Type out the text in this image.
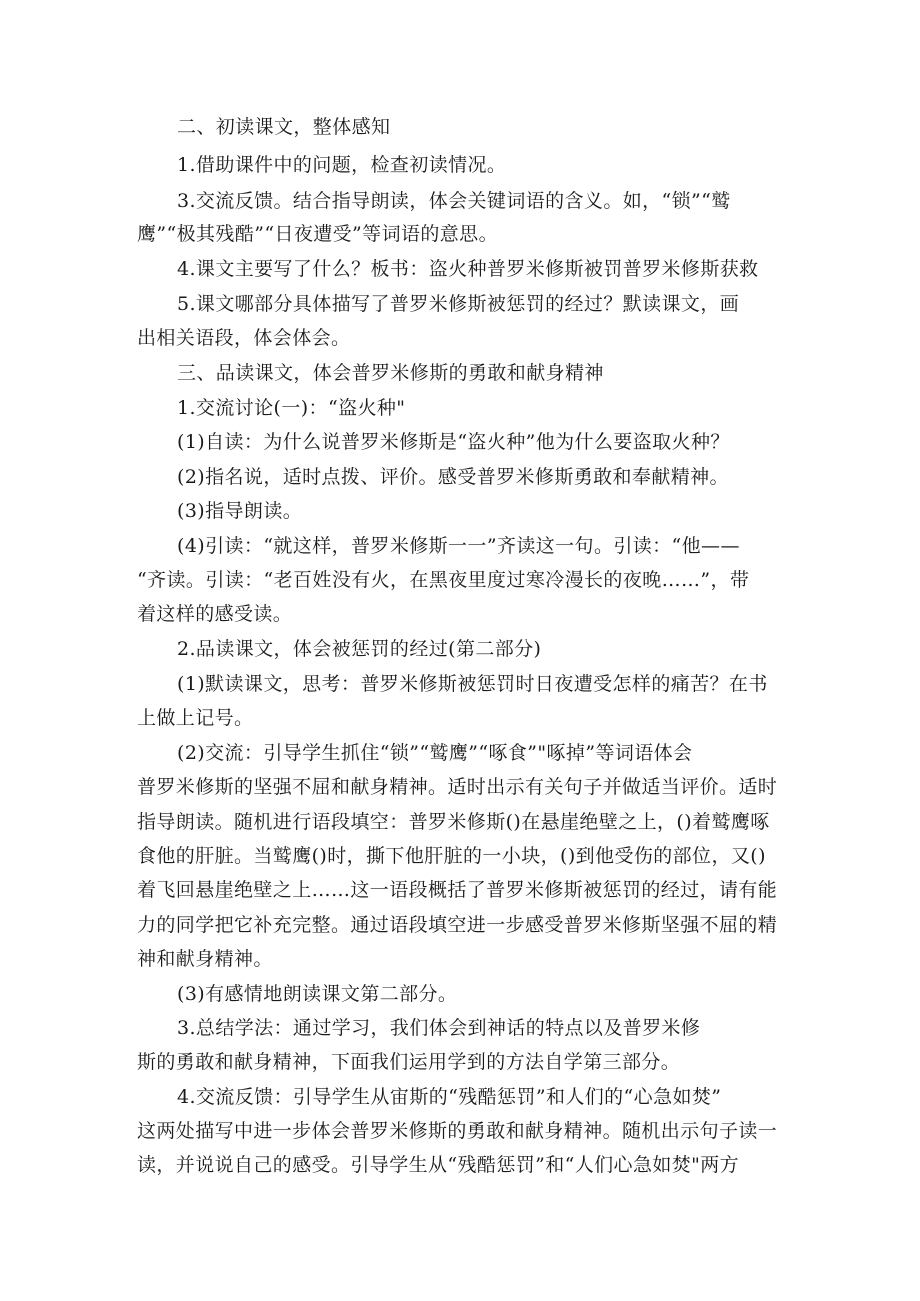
二、初读课文，整体感知
1.借助课件中的问题，检查初读情况。
3.交流反馈。结合指导朗读，体会关键词语的含义。如，“锁”“鹫
鹰”“极其残酷”“日夜遭受”等词语的意思。
4.课文主要写了什么？板书：盗火种普罗米修斯被罚普罗米修斯获救
5.课文哪部分具体描写了普罗米修斯被惩罚的经过？默读课文，画
出相关语段，体会体会。
三、品读课文，体会普罗米修斯的勇敢和献身精神
1.交流讨论(一)：“盗火种"
(1)自读：为什么说普罗米修斯是“盗火种”他为什么要盗取火种？
(2)指名说，适时点拨、评价。感受普罗米修斯勇敢和奉献精神。
(3)指导朗读。
(4)引读：“就这样，普罗米修斯一一”齐读这一句。引读：“他——
“齐读。引读：“老百姓没有火，在黑夜里度过寒冷漫长的夜晚……”，带
着这样的感受读。
2.品读课文，体会被惩罚的经过(第二部分)
(1)默读课文，思考：普罗米修斯被惩罚时日夜遭受怎样的痛苦？在书
上做上记号。
(2)交流：引导学生抓住“锁”“鹫鹰”“啄食”"啄掉”等词语体会
普罗米修斯的坚强不屈和献身精神。适时出示有关句子并做适当评价。适时
指导朗读。随机进行语段填空：普罗米修斯()在悬崖绝壁之上，()着鹫鹰啄
食他的肝脏。当鹫鹰()时，撕下他肝脏的一小块，()到他受伤的部位，又()
着飞回悬崖绝壁之上……这一语段概括了普罗米修斯被惩罚的经过，请有能
力的同学把它补充完整。通过语段填空进一步感受普罗米修斯坚强不屈的精
神和献身精神。
(3)有感情地朗读课文第二部分。
3.总结学法：通过学习，我们体会到神话的特点以及普罗米修
斯的勇敢和献身精神，下面我们运用学到的方法自学第三部分。
4.交流反馈：引导学生从宙斯的“残酷惩罚”和人们的“心急如焚”
这两处描写中进一步体会普罗米修斯的勇敢和献身精神。随机出示句子读一
读，并说说自己的感受。引导学生从“残酷惩罚”和“人们心急如焚"两方
